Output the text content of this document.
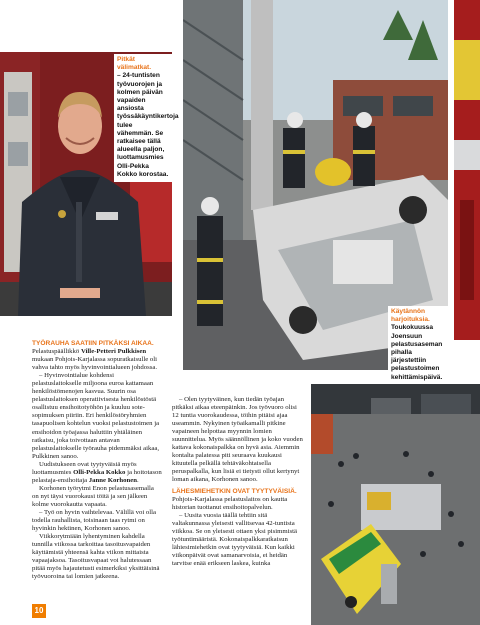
Pitkät välimatkat.
– 24-tuntisten työvuorojen ja kolmen päivän vapaiden ansiosta työssäkäyntikertoja tulee vähemmän. Se ratkaisee tällä alueella paljon, luottamusmies Olli-Pekka Kokko korostaa.
Käytännön harjoituksia.
Toukokuussa Joensuun pelastusaseman pihalla järjestettiin pelastustoimen kehittämispäivä.

TYÖRAUHA SAATIIN PITKÄKSI AIKAA. Pelastuspäällikkö Ville-Petteri Pulkkisen mukaan Pohjois-Karjalassa sopuratkaisulle oli vahva tahto myös hyvinvointialueen johdossa.

– Hyvinvointialue kohdensi pelastuslaitokselle miljoona euroa kattamaan henkilöstömenojen kasvua. Suurin osa pelastuslaitoksen operatiivisesta henkilöstöstä osallistuu ensihoitotyöhön ja kuuluu sote-sopimuksen piiriin. Eri henkilöstöryhmien tasapuolisen kohtelun vuoksi pelastustoimen ja ensihoidon työajassa haluttiin yhtäläinen ratkaisu, joka toivottaan antavan pelastuslaitokselle työrauha pidemmäksi aikaa, Pulkkinen sanoo.

Uudistukseen ovat tyytyväisiä myös luottamusmies Olli-Pekka Kokko ja hoitotason pelastaja-ensihoitaja Janne Korhonen.

Korhonen työrytmi Enon pelastusasemalla on nyt täysi vuorokausi töitä ja sen jälkeen kolme vuorokautta vapaata.

– Työ on hyvin vaihtelevaa. Välillä voi olla todella rauhallista, toisinaan taas rytmi on hyvinkin hektinen, Korhonen sanoo.

Viikkorytmiään lyhentyminen kahdella tunnilla viikossa tarkoittaa tasoitusvapaiden käyttämistä yhteensä kahta viikon mittaista vapaajaksoa. Tasoitusvapaat voi halutessaan pitää myös hajautetusti esimerkiksi yksittäisinä työvuoroina tai lomien jatkeena.

– Olen tyytyväinen, kun tiedän työajan pitkäksi aikaa eteenpäinkin. Jos työvuoro olisi 12 tuntia vuorokaudessa, töihin pitäisi ajaa useammin. Nykyinen työaikamalli pitkine vapaineen helpottaa myynnin lomien suunnittelua. Myös säännöllinen ja koko vuoden kattava kokonaispalkka on hyvä asia. Aiemmin kontalta palatessa piti seuraava kuukausi kituutella pelkällä tehtäväkohtaisella peruspalkalla, kun lisiä ei tietysti ollut kertynyt loman aikana, Korhonen sanoo.

LÄHESMIEHETKIN OVAT TYYTYVÄISIÄ. Pohjois-Karjalassa pelastuslaitos on kautta historian tuottanut ensihoitopalvelun.

– Uusita vuosia täällä tehtiin sitä valtakunnassa yleisesti vallitsevaa 42-tuntista viikkoa. Se on yleisesti ottaen yksi pisimmistä työtuntimääristä. Kokonaispalkkaratkaisun lähiesimiehetkin ovat tyytyväisiä. Kun kaikki viikonpäivät ovat samanarvoisia, ei heidän tarvitse enää erikseen laskea, kuinka

10
